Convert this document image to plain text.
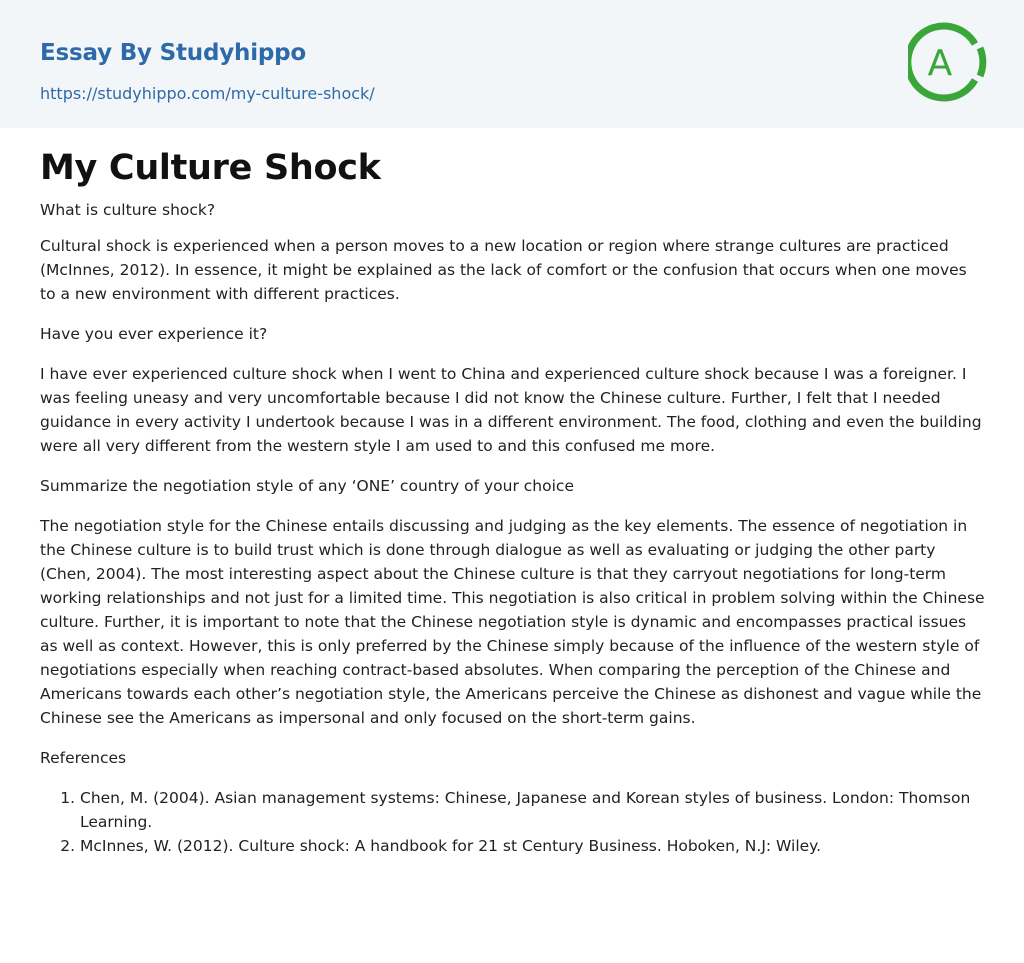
Essay By Studyhippo
https://studyhippo.com/my-culture-shock/
A
My Culture Shock

What is culture shock?

Cultural shock is experienced when a person moves to a new location or region where strange cultures are practiced (McInnes, 2012). In essence, it might be explained as the lack of comfort or the confusion that occurs when one moves to a new environment with different practices.

Have you ever experience it?

I have ever experienced culture shock when I went to China and experienced culture shock because I was a foreigner. I was feeling uneasy and very uncomfortable because I did not know the Chinese culture. Further, I felt that I needed guidance in every activity I undertook because I was in a different environment. The food, clothing and even the building were all very different from the western style I am used to and this confused me more.

Summarize the negotiation style of any ‘ONE’ country of your choice

The negotiation style for the Chinese entails discussing and judging as the key elements. The essence of negotiation in the Chinese culture is to build trust which is done through dialogue as well as evaluating or judging the other party (Chen, 2004). The most interesting aspect about the Chinese culture is that they carryout negotiations for long-term working relationships and not just for a limited time. This negotiation is also critical in problem solving within the Chinese culture. Further, it is important to note that the Chinese negotiation style is dynamic and encompasses practical issues as well as context. However, this is only preferred by the Chinese simply because of the influence of the western style of negotiations especially when reaching contract-based absolutes. When comparing the perception of the Chinese and Americans towards each other’s negotiation style, the Americans perceive the Chinese as dishonest and vague while the Chinese see the Americans as impersonal and only focused on the short-term gains.

References

1. Chen, M. (2004). Asian management systems: Chinese, Japanese and Korean styles of business. London: Thomson Learning.
2. McInnes, W. (2012). Culture shock: A handbook for 21 st Century Business. Hoboken, N.J: Wiley.
